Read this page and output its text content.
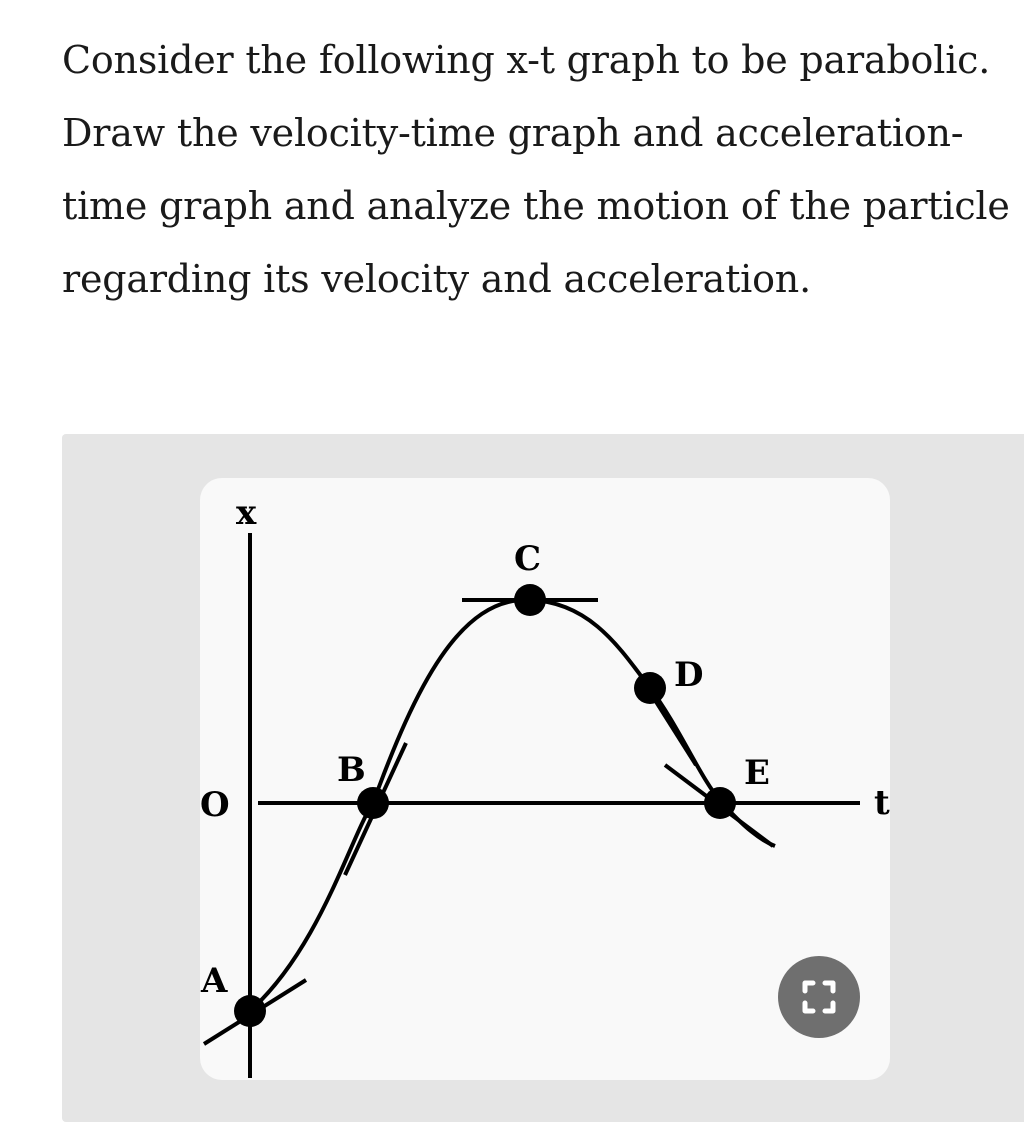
Consider the following x-t graph to be parabolic. Draw the velocity-time graph and acceleration-time graph and analyze the motion of the particle regarding its velocity and acceleration.

x
t
O
A
B
C
D
E
